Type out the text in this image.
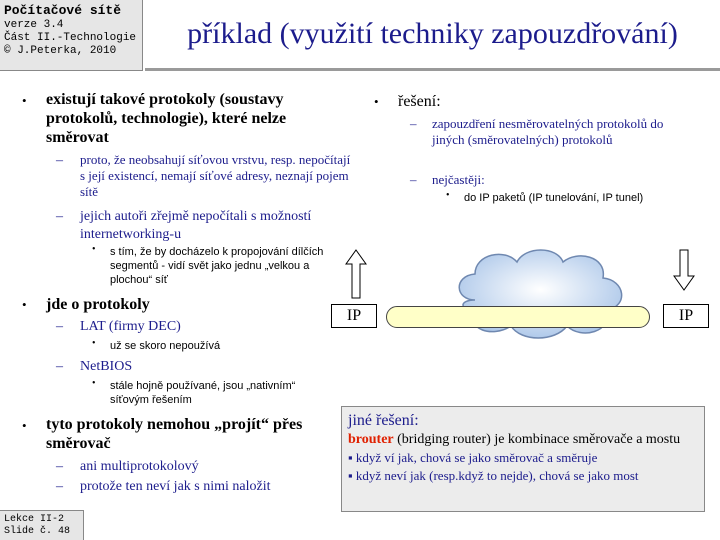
Počítačové sítě
verze 3.4
Část II.-Technologie
© J.Peterka, 2010
příklad (využití techniky zapouzdřování)
• existují takové protokoly (soustavy protokolů, technologie), které nelze směrovat
– proto, že neobsahují síťovou vrstvu, resp. nepočítají s její existencí, nemají síťové adresy, neznají pojem sítě
– jejich autoři zřejmě nepočítali s možností internetworking-u
• s tím, že by docházelo k propojování dílčích segmentů - vidí svět jako jednu „velkou a plochou“ síť
• jde o protokoly
– LAT (firmy DEC)
• už se skoro nepoužívá
– NetBIOS
• stále hojně používané, jsou „nativním“ síťovým řešením
• tyto protokoly nemohou „projít“ přes směrovač
– ani multiprotokolový
– protože ten neví jak s nimi naložit
• řešení:
– zapouzdření nesměrovatelných protokolů do jiných (směrovatelných) protokolů
– nejčastěji:
• do IP paketů (IP tunelování, IP tunel)
IP	IP
jiné řešení:
brouter (bridging router) je kombinace směrovače a mostu
▪ když ví jak, chová se jako směrovač a směruje
▪ když neví jak (resp.když to nejde), chová se jako most
Lekce II-2
Slide č. 48
